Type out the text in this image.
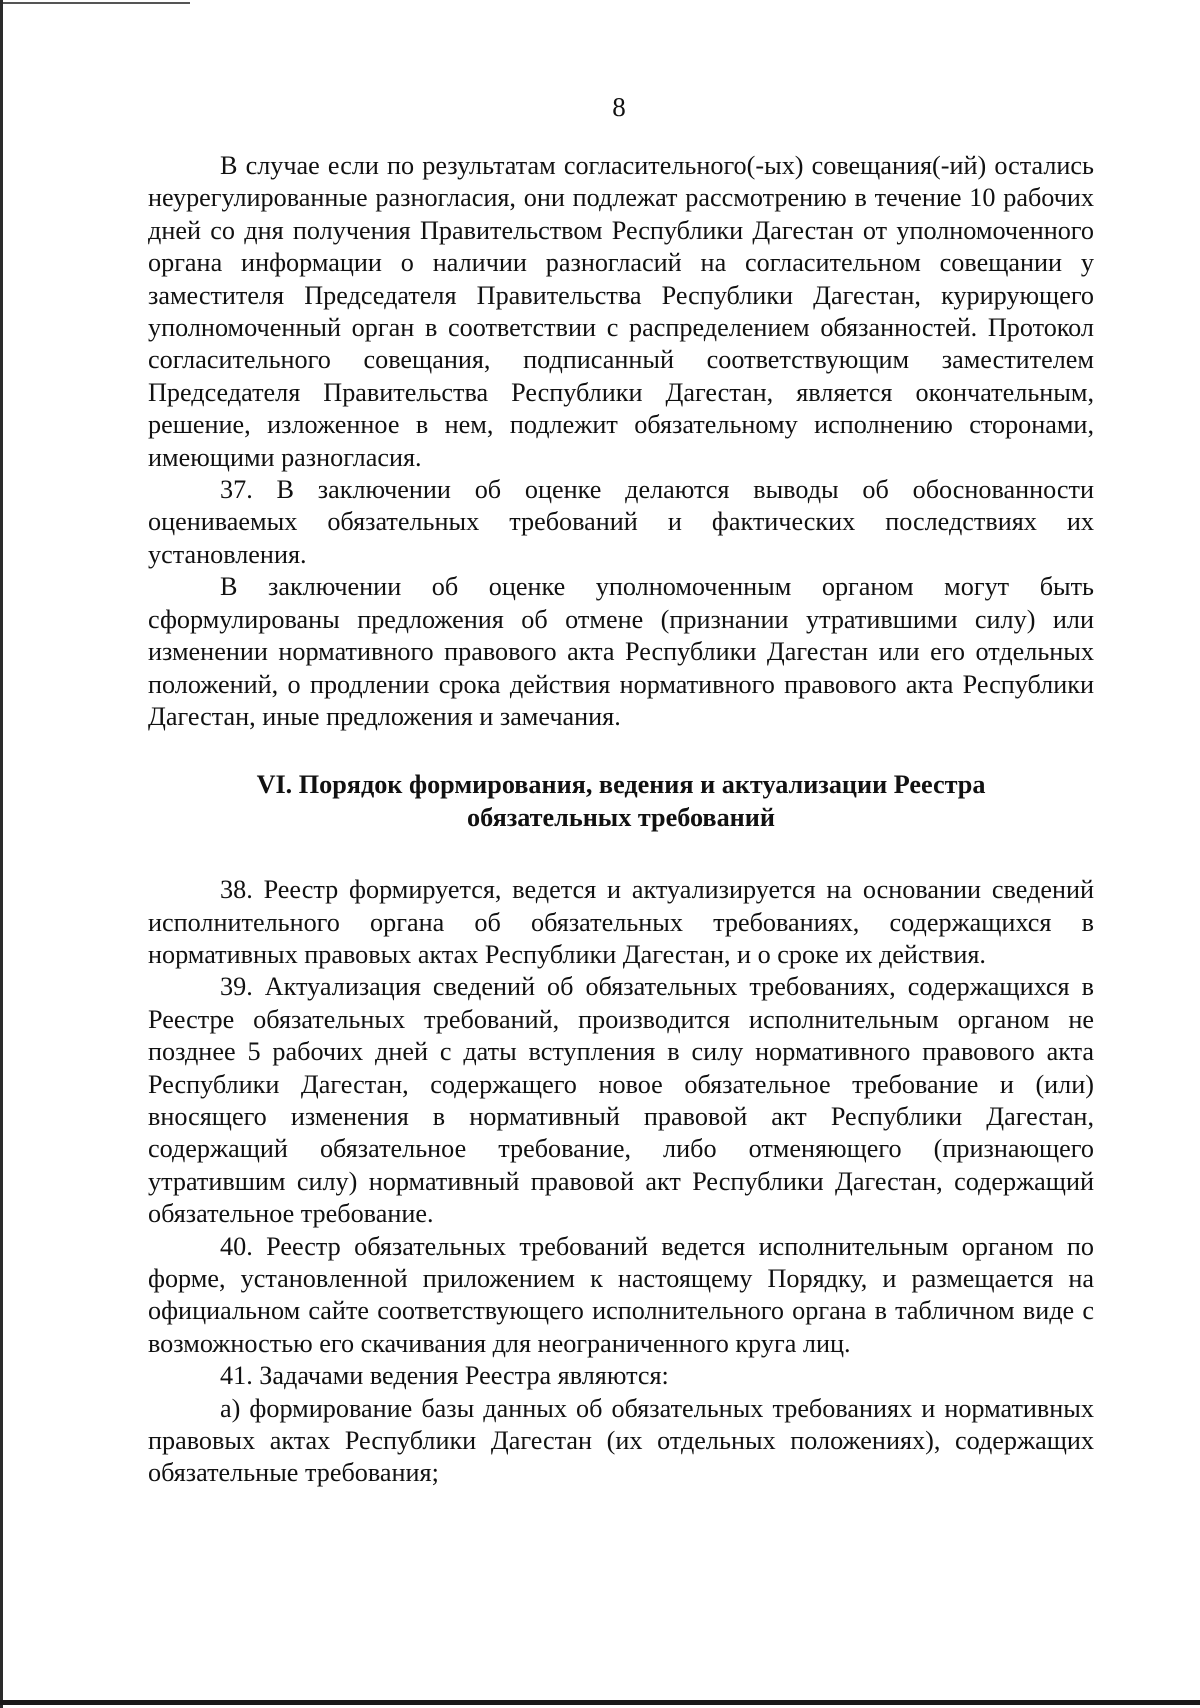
8

В случае если по результатам согласительного(-ых) совещания(-ий) остались неурегулированные разногласия, они подлежат рассмотрению в течение 10 рабочих дней со дня получения Правительством Республики Дагестан от уполномоченного органа информации о наличии разногласий на согласительном совещании у заместителя Председателя Правительства Республики Дагестан, курирующего уполномоченный орган в соответствии с распределением обязанностей. Протокол согласительного совещания, подписанный соответствующим заместителем Председателя Правительства Республики Дагестан, является окончательным, решение, изложенное в нем, подлежит обязательному исполнению сторонами, имеющими разногласия.

37. В заключении об оценке делаются выводы об обоснованности оцениваемых обязательных требований и фактических последствиях их установления.

В заключении об оценке уполномоченным органом могут быть сформулированы предложения об отмене (признании утратившими силу) или изменении нормативного правового акта Республики Дагестан или его отдельных положений, о продлении срока действия нормативного правового акта Республики Дагестан, иные предложения и замечания.

VI. Порядок формирования, ведения и актуализации Реестра
обязательных требований

38. Реестр формируется, ведется и актуализируется на основании сведений исполнительного органа об обязательных требованиях, содержащихся в нормативных правовых актах Республики Дагестан, и о сроке их действия.

39. Актуализация сведений об обязательных требованиях, содержащихся в Реестре обязательных требований, производится исполнительным органом не позднее 5 рабочих дней с даты вступления в силу нормативного правового акта Республики Дагестан, содержащего новое обязательное требование и (или) вносящего изменения в нормативный правовой акт Республики Дагестан, содержащий обязательное требование, либо отменяющего (признающего утратившим силу) нормативный правовой акт Республики Дагестан, содержащий обязательное требование.

40. Реестр обязательных требований ведется исполнительным органом по форме, установленной приложением к настоящему Порядку, и размещается на официальном сайте соответствующего исполнительного органа в табличном виде с возможностью его скачивания для неограниченного круга лиц.

41. Задачами ведения Реестра являются:

а) формирование базы данных об обязательных требованиях и нормативных правовых актах Республики Дагестан (их отдельных положениях), содержащих обязательные требования;
